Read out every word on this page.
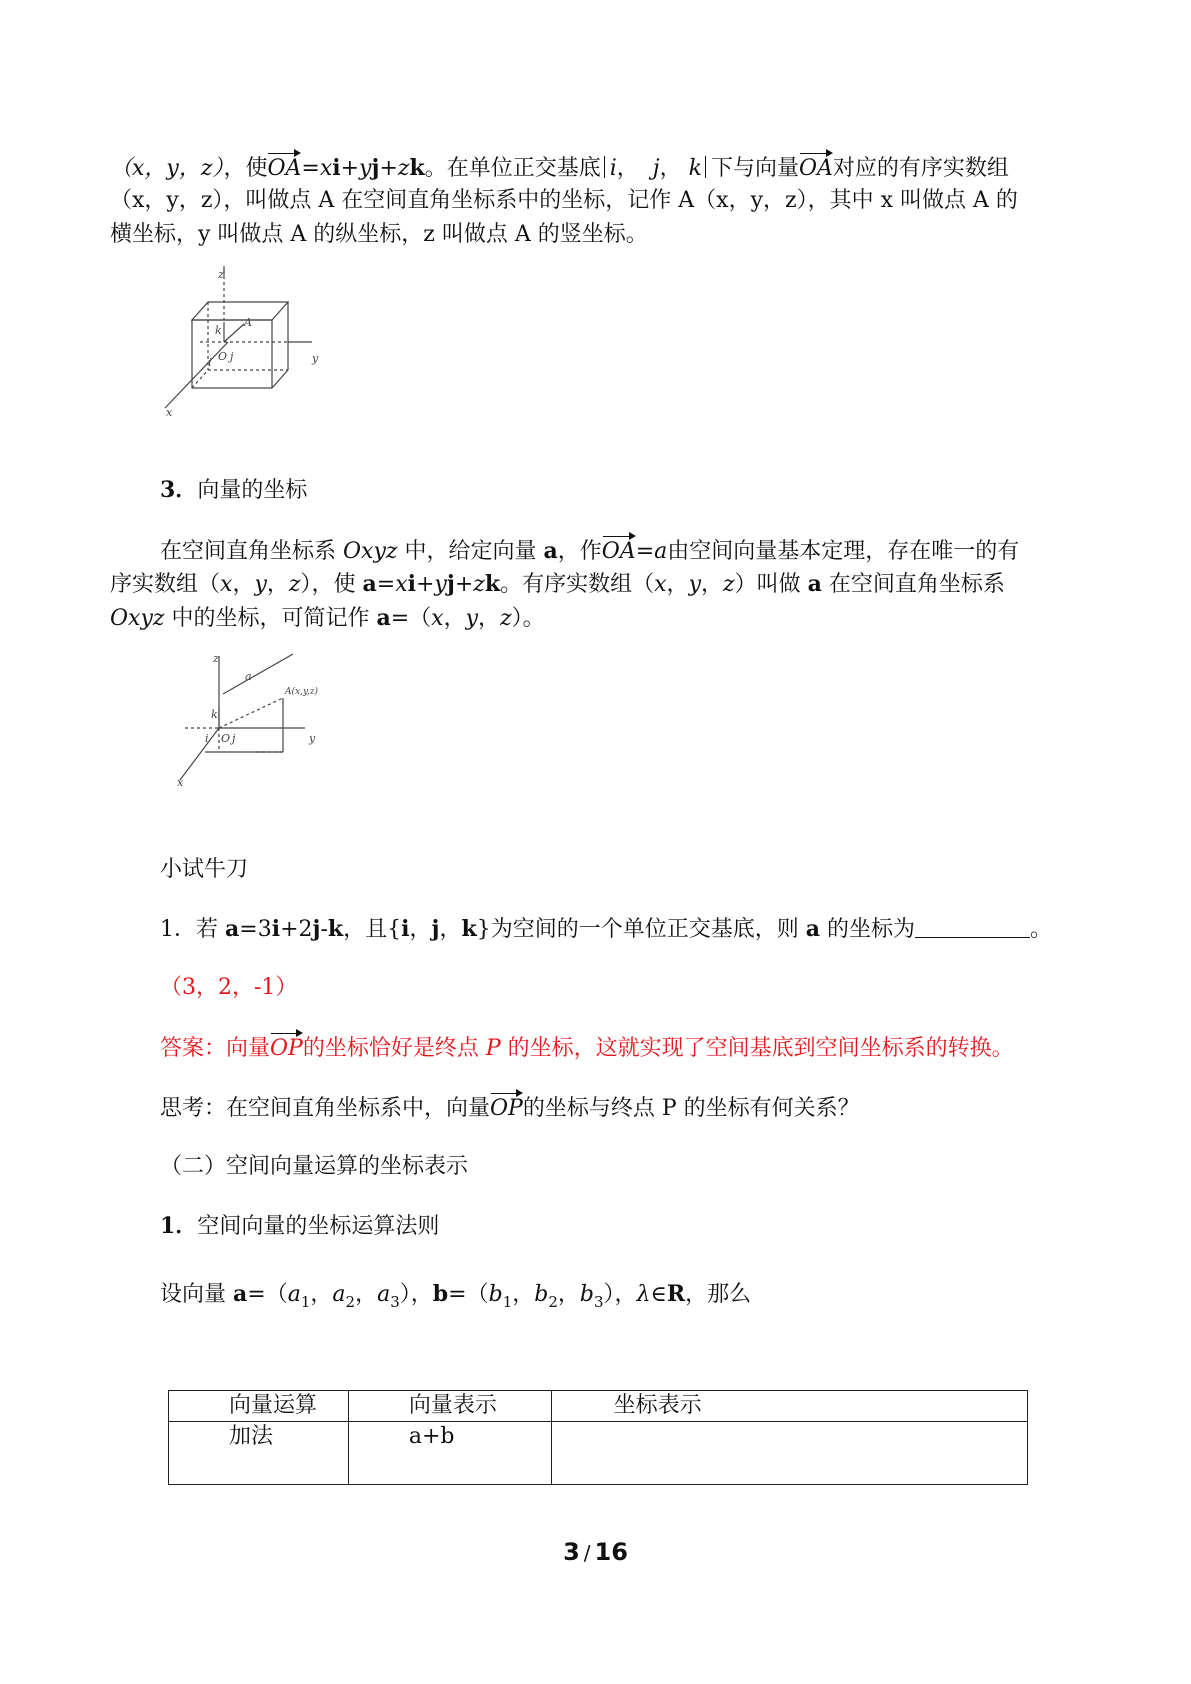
（x，y，z），使OA=xi+yj+zk。在单位正交基底 i，  j， k 下与向量OA对应的有序实数组
（x，y，z），叫做点 A 在空间直角坐标系中的坐标，记作 A（x，y，z），其中 x 叫做点 A 的
横坐标，y 叫做点 A 的纵坐标，z 叫做点 A 的竖坐标。
z
k
A
O j
i	y
x
3．向量的坐标
在空间直角坐标系 Oxyz 中，给定向量 a，作OA=a由空间向量基本定理，存在唯一的有
序实数组（x，y，z），使 a=xi+yj+zk。有序实数组（x，y，z）叫做 a 在空间直角坐标系
Oxyz 中的坐标，可简记作 a=（x，y，z）。
z
a
A(x,y,z)
k
i O j	y
x
小试牛刀
1．若 a=3i+2j-k，且{i，j，k}为空间的一个单位正交基底，则 a 的坐标为	。
（3，2，-1）
答案：向量OP的坐标恰好是终点 P 的坐标，这就实现了空间基底到空间坐标系的转换。
思考：在空间直角坐标系中，向量OP的坐标与终点 P 的坐标有何关系？
（二）空间向量运算的坐标表示
1．空间向量的坐标运算法则
设向量 $a=(a_1$，$a_2$，$a_3$），$b=(b_1$，$b_2$，$b_3$），λ∈R，那么
向量运算	向量表示	坐标表示

加法	a+b	

3 / 16
